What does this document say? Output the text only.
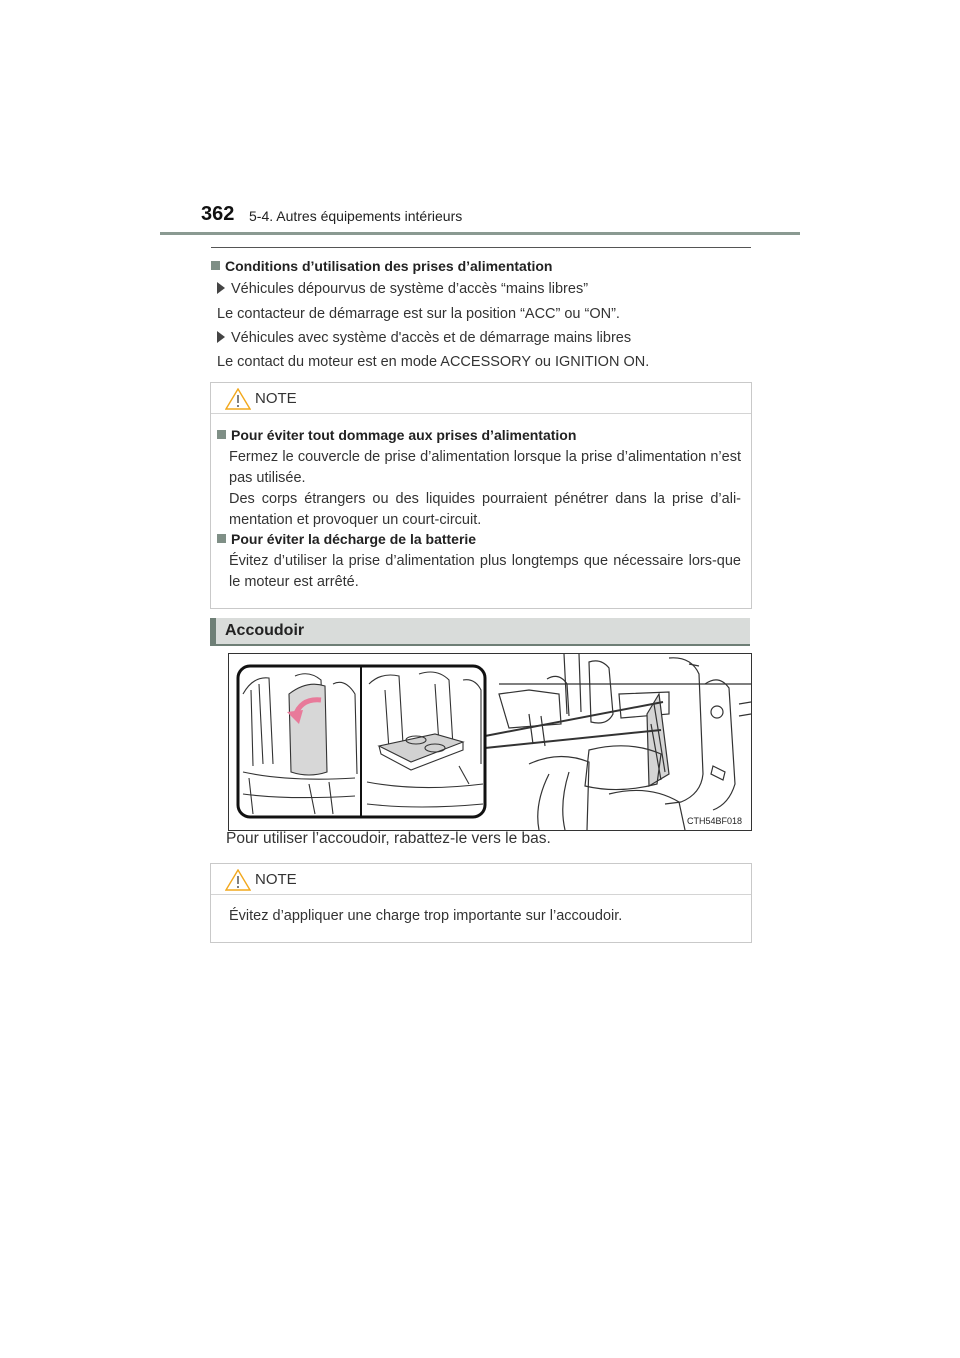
362 5-4. Autres équipements intérieurs
Conditions d’utilisation des prises d’alimentation
Véhicules dépourvus de système d’accès “mains libres”
Le contacteur de démarrage est sur la position “ACC” ou “ON”.
Véhicules avec système d'accès et de démarrage mains libres
Le contact du moteur est en mode ACCESSORY ou IGNITION ON.
NOTE
Pour éviter tout dommage aux prises d’alimentation
Fermez le couvercle de prise d’alimentation lorsque la prise d’alimentation n’est pas utilisée.
Des corps étrangers ou des liquides pourraient pénétrer dans la prise d’ali-mentation et provoquer un court-circuit.
Pour éviter la décharge de la batterie
Évitez d’utiliser la prise d’alimentation plus longtemps que nécessaire lors-que le moteur est arrêté.
Accoudoir
CTH54BF018
Pour utiliser l’accoudoir, rabattez-le vers le bas.
NOTE
Évitez d’appliquer une charge trop importante sur l’accoudoir.
